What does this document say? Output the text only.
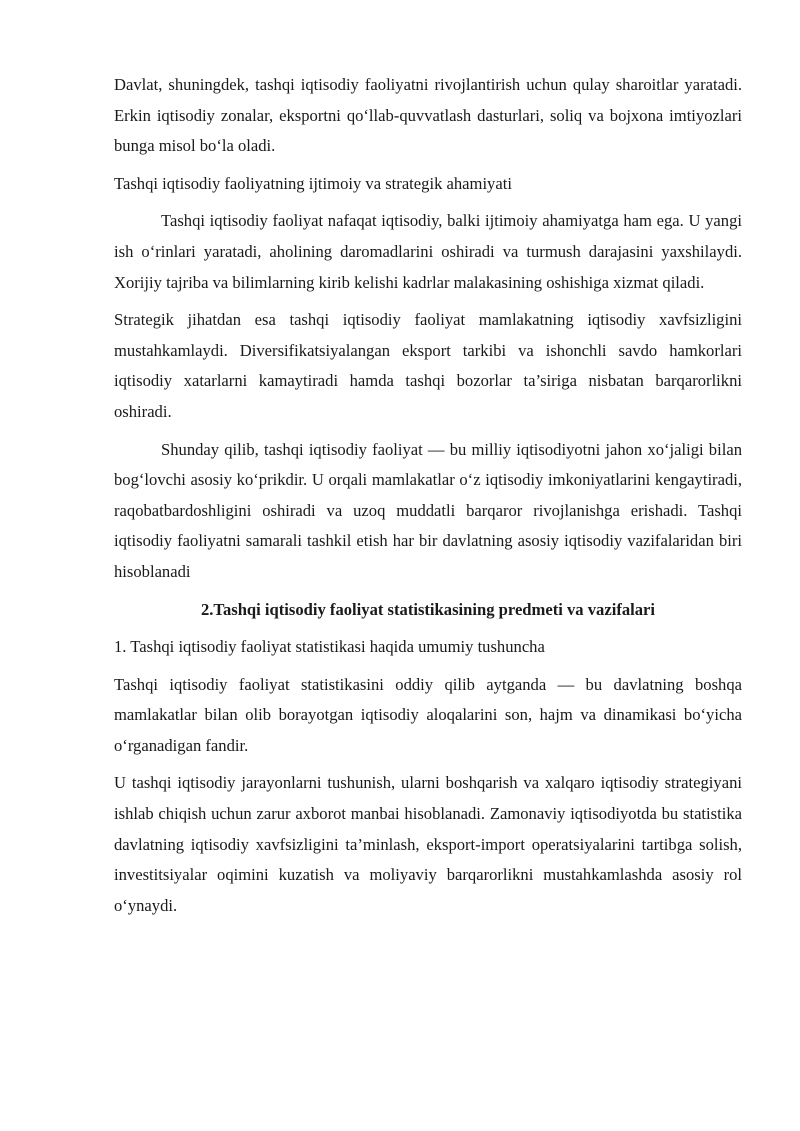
Davlat, shuningdek, tashqi iqtisodiy faoliyatni rivojlantirish uchun qulay sharoitlar yaratadi. Erkin iqtisodiy zonalar, eksportni qo‘llab-quvvatlash dasturlari, soliq va bojxona imtiyozlari bunga misol bo‘la oladi.

Tashqi iqtisodiy faoliyatning ijtimoiy va strategik ahamiyati

Tashqi iqtisodiy faoliyat nafaqat iqtisodiy, balki ijtimoiy ahamiyatga ham ega. U yangi ish o‘rinlari yaratadi, aholining daromadlarini oshiradi va turmush darajasini yaxshilaydi. Xorijiy tajriba va bilimlarning kirib kelishi kadrlar malakasining oshishiga xizmat qiladi.

Strategik jihatdan esa tashqi iqtisodiy faoliyat mamlakatning iqtisodiy xavfsizligini mustahkamlaydi. Diversifikatsiyalangan eksport tarkibi va ishonchli savdo hamkorlari iqtisodiy xatarlarni kamaytiradi hamda tashqi bozorlar ta’siriga nisbatan barqarorlikni oshiradi.

Shunday qilib, tashqi iqtisodiy faoliyat — bu milliy iqtisodiyotni jahon xo‘jaligi bilan bog‘lovchi asosiy ko‘prikdir. U orqali mamlakatlar o‘z iqtisodiy imkoniyatlarini kengaytiradi, raqobatbardoshligini oshiradi va uzoq muddatli barqaror rivojlanishga erishadi. Tashqi iqtisodiy faoliyatni samarali tashkil etish har bir davlatning asosiy iqtisodiy vazifalaridan biri hisoblanadi

2.Tashqi iqtisodiy faoliyat statistikasining predmeti va vazifalari

1. Tashqi iqtisodiy faoliyat statistikasi haqida umumiy tushuncha

Tashqi iqtisodiy faoliyat statistikasini oddiy qilib aytganda — bu davlatning boshqa mamlakatlar bilan olib borayotgan iqtisodiy aloqalarini son, hajm va dinamikasi bo‘yicha o‘rganadigan fandir.

U tashqi iqtisodiy jarayonlarni tushunish, ularni boshqarish va xalqaro iqtisodiy strategiyani ishlab chiqish uchun zarur axborot manbai hisoblanadi. Zamonaviy iqtisodiyotda bu statistika davlatning iqtisodiy xavfsizligini ta’minlash, eksport-import operatsiyalarini tartibga solish, investitsiyalar oqimini kuzatish va moliyaviy barqarorlikni mustahkamlashda asosiy rol o‘ynaydi.
